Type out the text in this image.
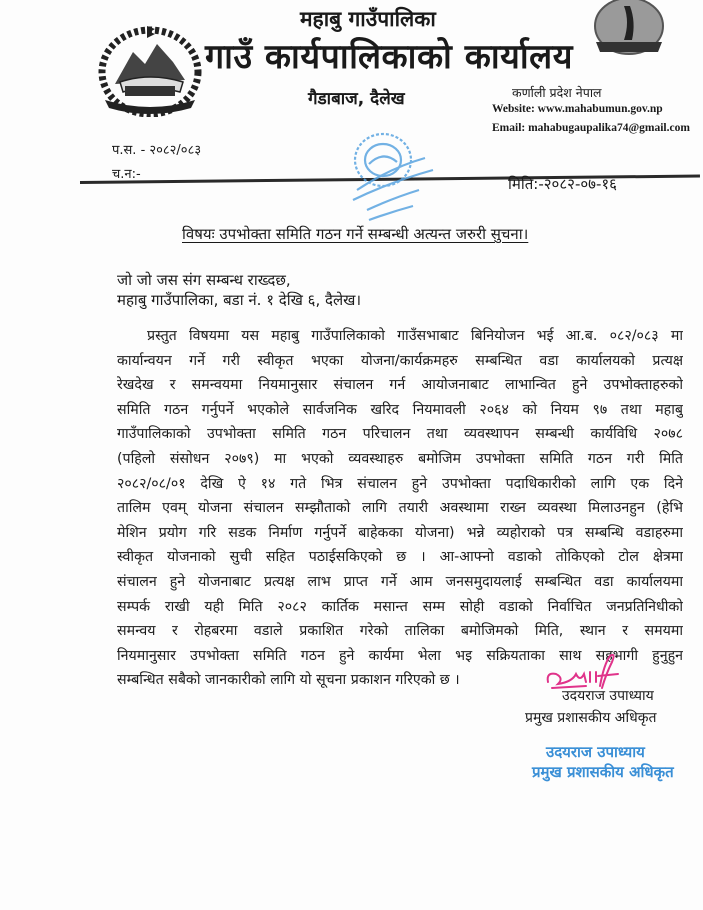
महाबु गाउँपालिका
गाउँ कार्यपालिकाको कार्यालय
गैडाबाज, दैलेख	कर्णाली प्रदेश नेपाल
Website: www.mahabumun.gov.np
Email: mahabugaupalika74@gmail.com
प.स. - २०८२/०८३
च.न:-
मिति:-२०८२-०७-१६
विषयः उपभोक्ता समिति गठन गर्ने सम्बन्धी अत्यन्त जरुरी सुचना।
जो जो जस संग सम्बन्ध राख्दछ,
महाबु गाउँपालिका, बडा नं. १ देखि ६, दैलेख।
प्रस्तुत विषयमा यस महाबु गाउँपालिकाको गाउँसभाबाट बिनियोजन भई आ.ब. ०८२/०८३ मा
कार्यान्वयन गर्ने गरी स्वीकृत भएका योजना/कार्यक्रमहरु सम्बन्धित वडा कार्यालयको प्रत्यक्ष
रेखदेख र समन्वयमा नियमानुसार संचालन गर्न आयोजनाबाट लाभान्वित हुने उपभोक्ताहरुको
समिति गठन गर्नुपर्ने भएकोले सार्वजनिक खरिद नियमावली २०६४ को नियम ९७ तथा महाबु
गाउँपालिकाको उपभोक्ता समिति गठन परिचालन तथा व्यवस्थापन सम्बन्धी कार्यविधि २०७८
(पहिलो संसोधन २०७९) मा भएको व्यवस्थाहरु बमोजिम उपभोक्ता समिति गठन गरी मिति
२०८२/०८/०१ देखि ऐ १४ गते भित्र संचालन हुने उपभोक्ता पदाधिकारीको लागि एक दिने
तालिम एवम् योजना संचालन सम्झौताको लागि तयारी अवस्थामा राख्न व्यवस्था मिलाउनहुन (हेभि
मेशिन प्रयोग गरि सडक निर्माण गर्नुपर्ने बाहेकका योजना) भन्ने व्यहोराको पत्र सम्बन्धि वडाहरुमा
स्वीकृत योजनाको सुची सहित पठाईसकिएको छ । आ-आफ्नो वडाको तोकिएको टोल क्षेत्रमा
संचालन हुने योजनाबाट प्रत्यक्ष लाभ प्राप्त गर्ने आम जनसमुदायलाई सम्बन्धित वडा कार्यालयमा
सम्पर्क राखी यही मिति २०८२ कार्तिक मसान्त सम्म सोही वडाको निर्वाचित जनप्रतिनिधीको
समन्वय र रोहबरमा वडाले प्रकाशित गरेको तालिका बमोजिमको मिति, स्थान र समयमा
नियमानुसार उपभोक्ता समिति गठन हुने कार्यमा भेला भइ सक्रियताका साथ सहभागी हुनुहुन
सम्बन्धित सबैको जानकारीको लागि यो सूचना प्रकाशन गरिएको छ ।
उदयराज उपाध्याय
प्रमुख प्रशासकीय अधिकृत
उदयराज उपाध्याय
प्रमुख प्रशासकीय अधिकृत
